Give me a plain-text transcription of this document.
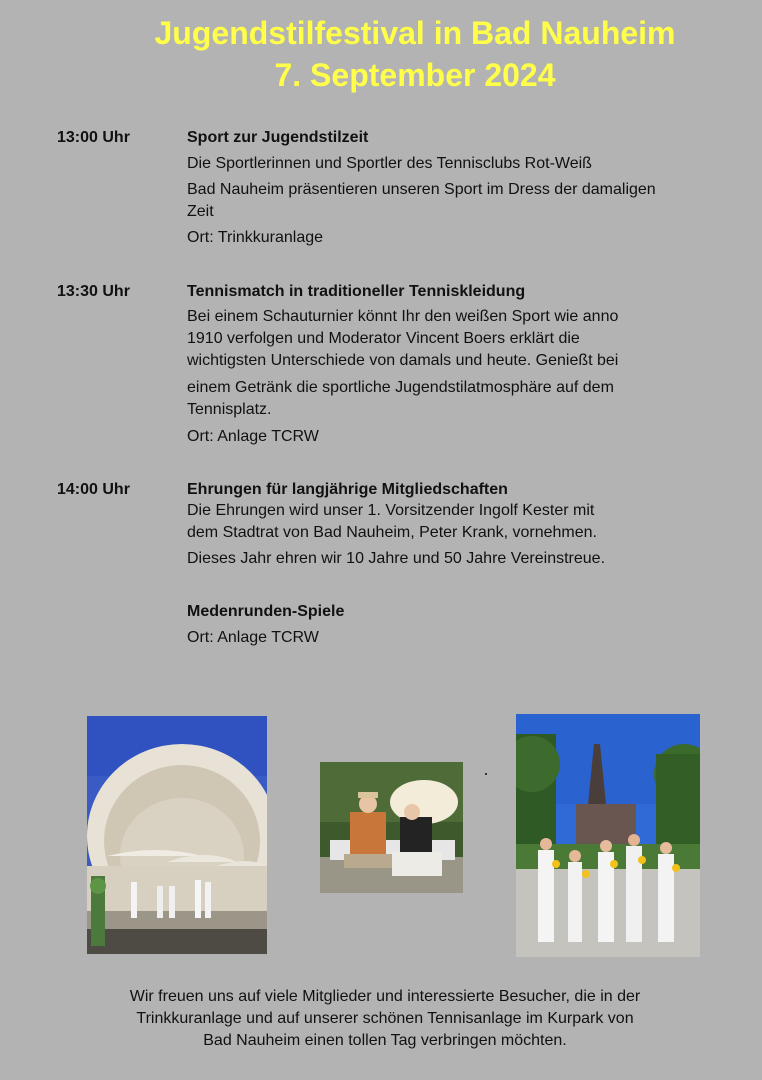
Jugendstilfestival in Bad Nauheim
7. September 2024
13:00 Uhr	Sport zur Jugendstilzeit
Die Sportlerinnen und Sportler des Tennisclubs Rot-Weiß
Bad Nauheim präsentieren unseren Sport im Dress der damaligen
Zeit
Ort: Trinkkuranlage
13:30 Uhr	Tennismatch in traditioneller Tenniskleidung
Bei einem Schauturnier könnt Ihr den weißen Sport wie anno
1910 verfolgen und Moderator Vincent Boers erklärt die
wichtigsten Unterschiede von damals und heute. Genießt bei
einem Getränk die sportliche Jugendstilatmosphäre auf dem
Tennisplatz.
Ort: Anlage TCRW
14:00 Uhr	Ehrungen für langjährige Mitgliedschaften
Die Ehrungen wird unser 1. Vorsitzender Ingolf Kester mit
dem Stadtrat von Bad Nauheim, Peter Krank, vornehmen.
Dieses Jahr ehren wir 10 Jahre und 50 Jahre Vereinstreue.
Medenrunden-Spiele
Ort: Anlage TCRW
Wir freuen uns auf viele Mitglieder und interessierte Besucher, die in der
Trinkkuranlage und auf unserer schönen Tennisanlage im Kurpark von
Bad Nauheim einen tollen Tag verbringen möchten.
